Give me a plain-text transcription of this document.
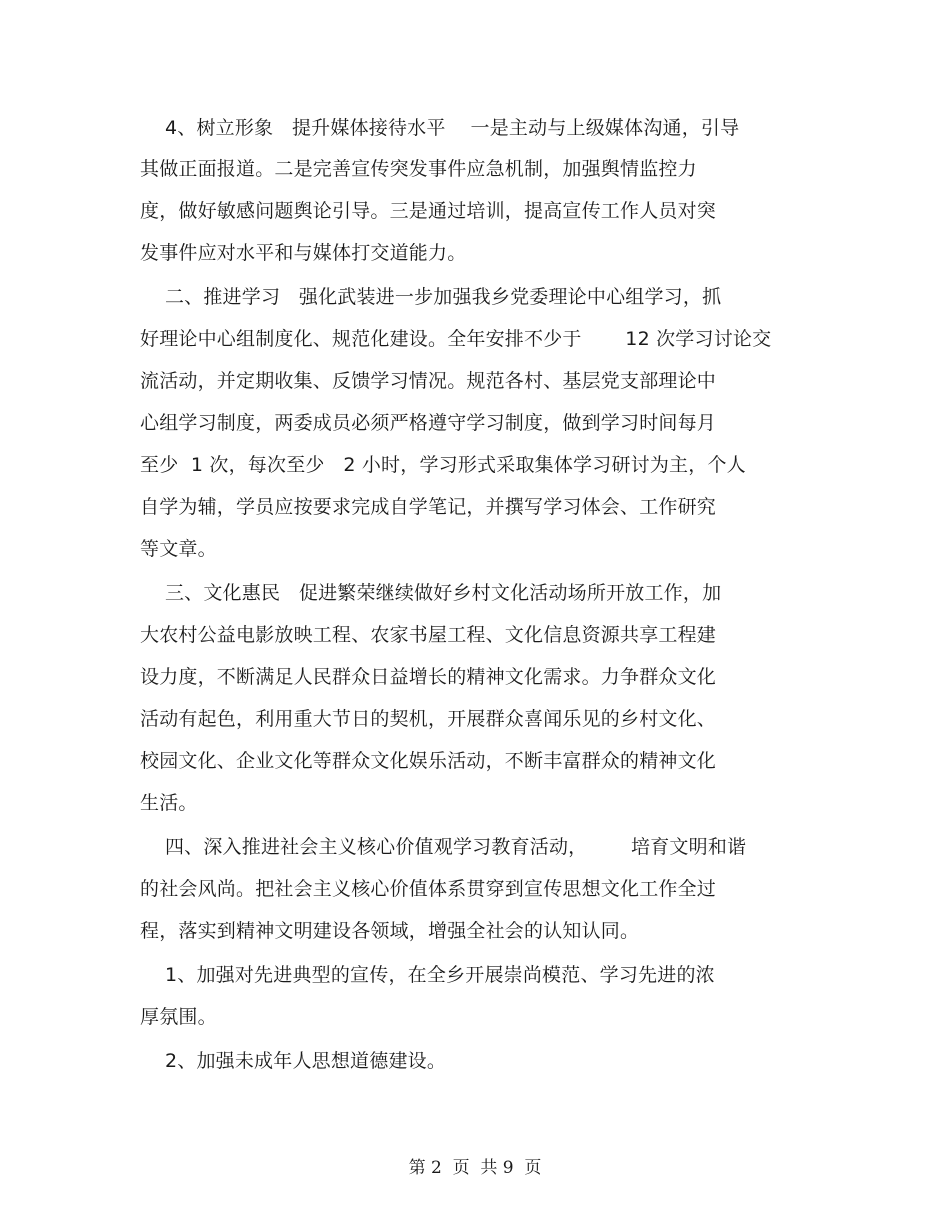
4、树立形象   提升媒体接待水平    一是主动与上级媒体沟通，引导
其做正面报道。二是完善宣传突发事件应急机制，加强舆情监控力
度，做好敏感问题舆论引导。三是通过培训，提高宣传工作人员对突
发事件应对水平和与媒体打交道能力。
二、推进学习   强化武装进一步加强我乡党委理论中心组学习，抓
好理论中心组制度化、规范化建设。全年安排不少于       12 次学习讨论交
流活动，并定期收集、反馈学习情况。规范各村、基层党支部理论中
心组学习制度，两委成员必须严格遵守学习制度，做到学习时间每月
至少  1 次，每次至少   2 小时，学习形式采取集体学习研讨为主，个人
自学为辅，学员应按要求完成自学笔记，并撰写学习体会、工作研究
等文章。
三、文化惠民   促进繁荣继续做好乡村文化活动场所开放工作，加
大农村公益电影放映工程、农家书屋工程、文化信息资源共享工程建
设力度，不断满足人民群众日益增长的精神文化需求。力争群众文化
活动有起色，利用重大节日的契机，开展群众喜闻乐见的乡村文化、
校园文化、企业文化等群众文化娱乐活动，不断丰富群众的精神文化
生活。
四、深入推进社会主义核心价值观学习教育活动，       培育文明和谐
的社会风尚。把社会主义核心价值体系贯穿到宣传思想文化工作全过
程，落实到精神文明建设各领域，增强全社会的认知认同。
1、加强对先进典型的宣传，在全乡开展崇尚模范、学习先进的浓
厚氛围。
2、加强未成年人思想道德建设。
第 2  页  共 9  页
